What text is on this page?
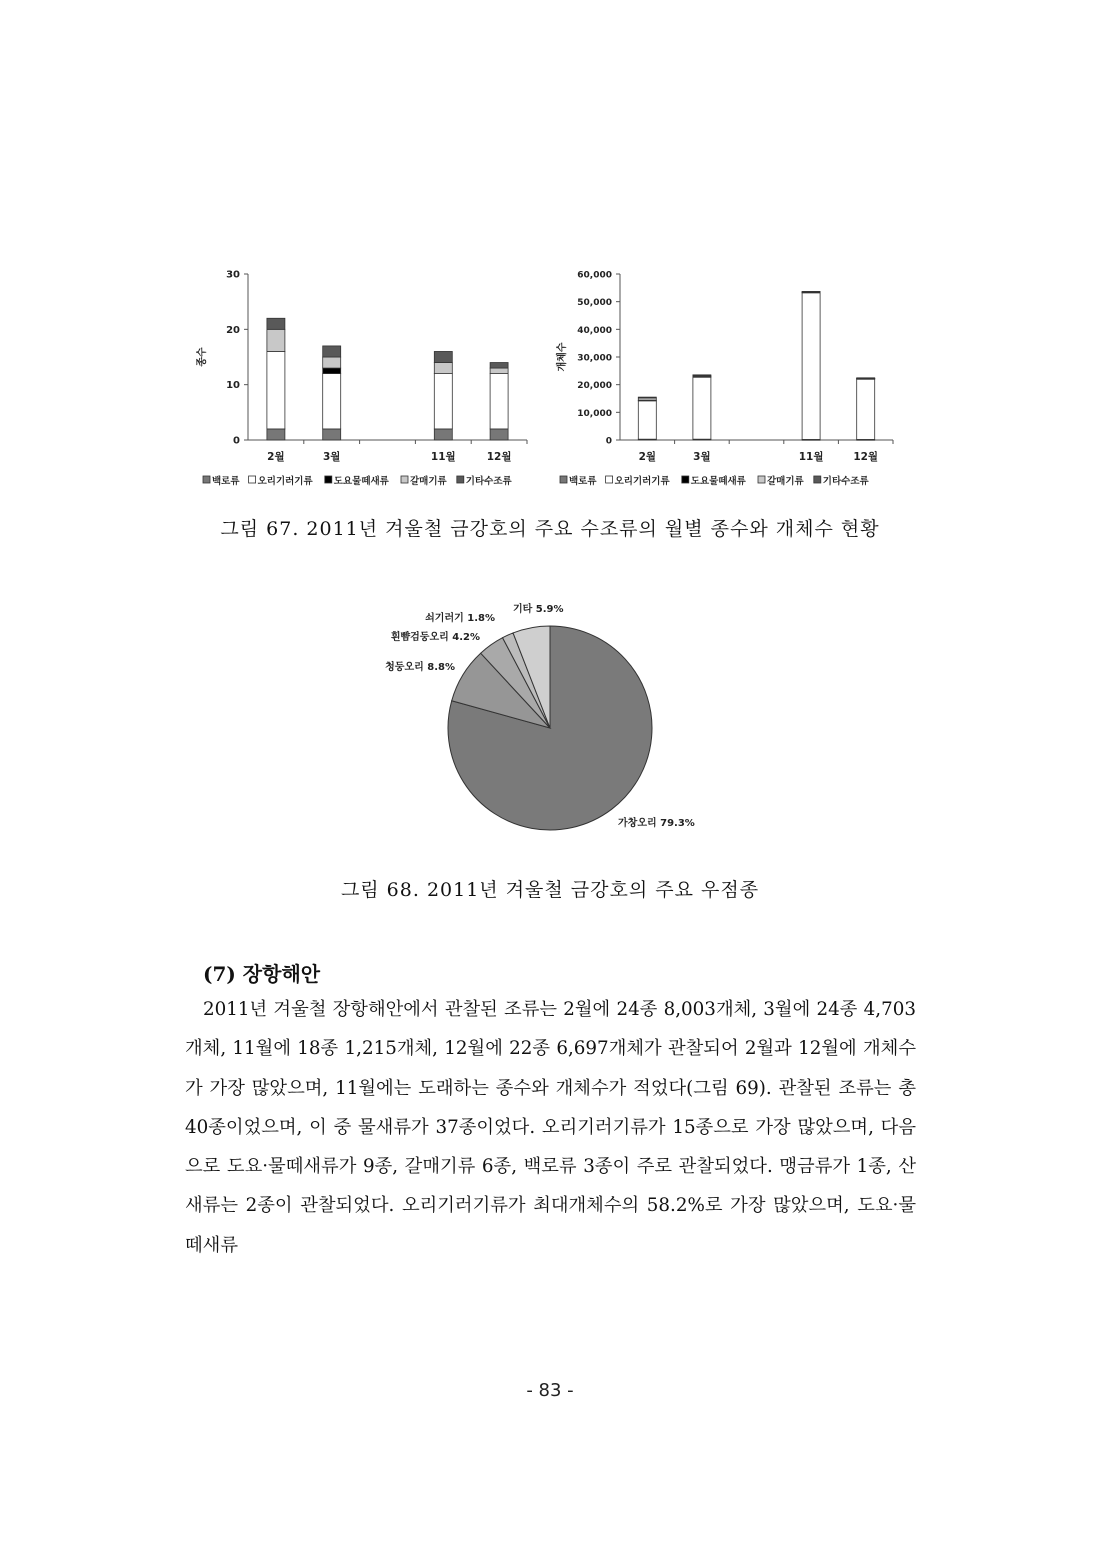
0
10
20
30
종수
2월	3월	11월	12월
백로류 오리기러기류 도요물떼새류 갈매기류 기타수조류
0
10,000
20,000
30,000
40,000
50,000
60,000
개체수
2월	3월	11월	12월
백로류 오리기러기류 도요물떼새류 갈매기류 기타수조류
그림 67. 2011년 겨울철 금강호의 주요 수조류의 월별 종수와 개체수 현황
가창오리 79.3%
청둥오리 8.8%
흰뺨검둥오리 4.2%
쇠기러기 1.8%
기타 5.9%
그림 68. 2011년 겨울철 금강호의 주요 우점종
(7) 장항해안
2011년 겨울철 장항해안에서 관찰된 조류는 2월에 24종 8,003개체, 3월에 24종 4,703개체, 11월에 18종 1,215개체, 12월에 22종 6,697개체가 관찰되어 2월과 12월에 개체수가 가장 많았으며, 11월에는 도래하는 종수와 개체수가 적었다(그림 69). 관찰된 조류는 총 40종이었으며, 이 중 물새류가 37종이었다. 오리기러기류가 15종으로 가장 많았으며, 다음으로 도요·물떼새류가 9종, 갈매기류 6종, 백로류 3종이 주로 관찰되었다. 맹금류가 1종, 산새류는 2종이 관찰되었다. 오리기러기류가 최대개체수의 58.2%로 가장 많았으며, 도요·물떼새류
- 83 -
